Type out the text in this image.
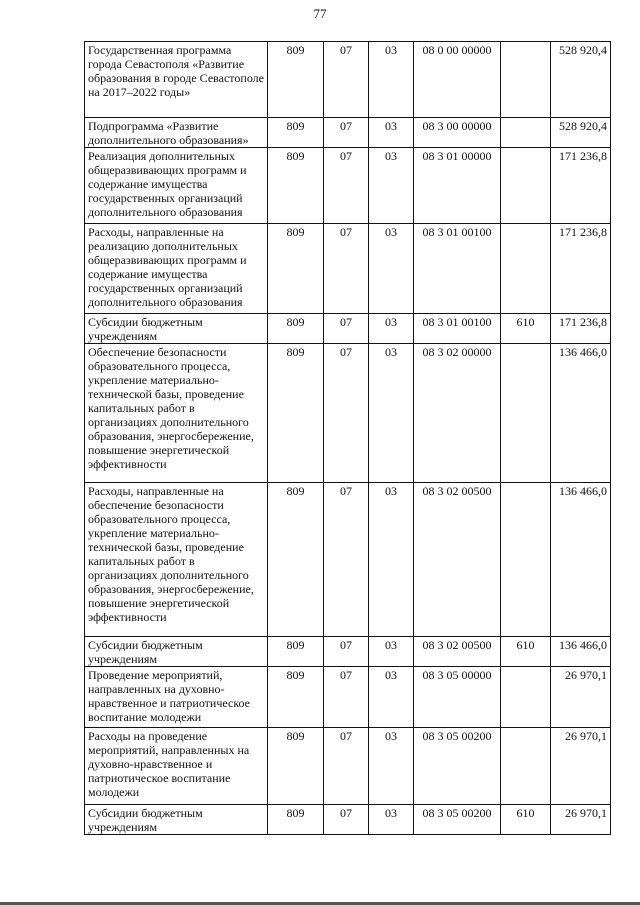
77
Государственная программа города Севастополя «Развитие образования в городе Севастополе на 2017–2022 годы»	809	07	03	08 0 00 00000		528 920,4
Подпрограмма «Развитие дополнительного образования»	809	07	03	08 3 00 00000		528 920,4
Реализация дополнительных общеразвивающих программ и содержание имущества государственных организаций дополнительного образования	809	07	03	08 3 01 00000		171 236,8
Расходы, направленные на реализацию дополнительных общеразвивающих программ и содержание имущества государственных организаций дополнительного образования	809	07	03	08 3 01 00100		171 236,8
Субсидии бюджетным учреждениям	809	07	03	08 3 01 00100	610	171 236,8
Обеспечение безопасности образовательного процесса, укрепление материально-технической базы, проведение капитальных работ в организациях дополнительного образования, энергосбережение, повышение энергетической эффективности	809	07	03	08 3 02 00000		136 466,0
Расходы, направленные на обеспечение безопасности образовательного процесса, укрепление материально-технической базы, проведение капитальных работ в организациях дополнительного образования, энергосбережение, повышение энергетической эффективности	809	07	03	08 3 02 00500		136 466,0
Субсидии бюджетным учреждениям	809	07	03	08 3 02 00500	610	136 466,0
Проведение мероприятий, направленных на духовно-нравственное и патриотическое воспитание молодежи	809	07	03	08 3 05 00000		26 970,1
Расходы на проведение мероприятий, направленных на духовно-нравственное и патриотическое воспитание молодежи	809	07	03	08 3 05 00200		26 970,1
Субсидии бюджетным учреждениям	809	07	03	08 3 05 00200	610	26 970,1
